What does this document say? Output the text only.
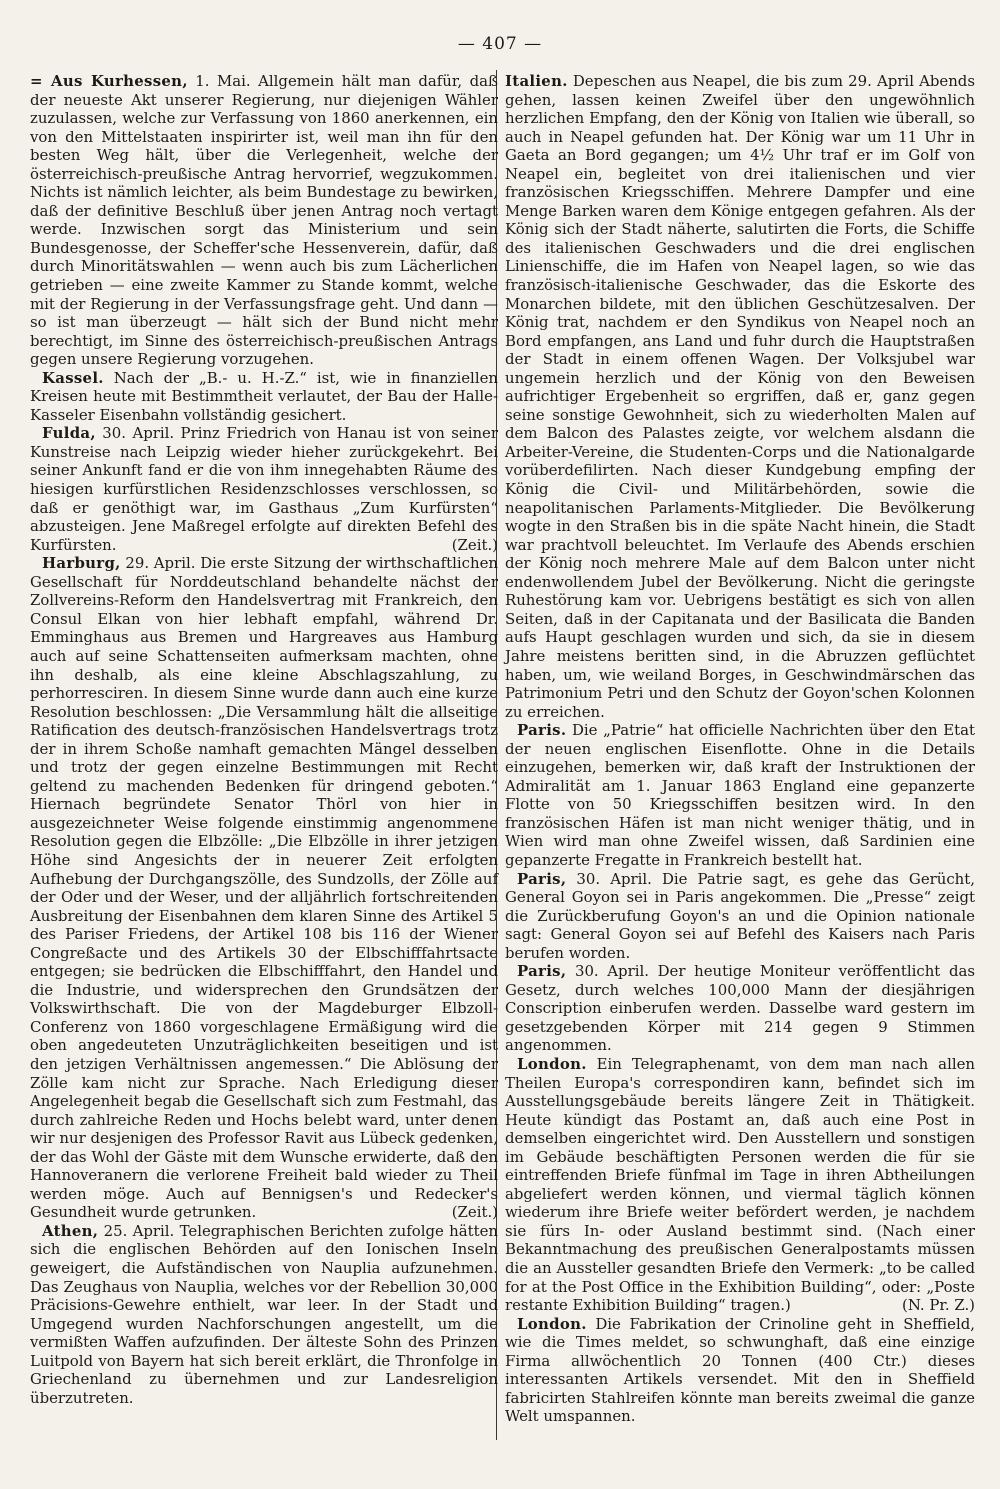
— 407 —

= Aus Kurhessen, 1. Mai. Allgemein hält man dafür, daß der neueste Akt unserer Regierung, nur diejenigen Wähler zuzulassen, welche zur Verfassung von 1860 anerkennen, ein von den Mittelstaaten inspirirter ist, weil man ihn für den besten Weg hält, über die Verlegenheit, welche der österreichisch-preußische Antrag hervorrief, wegzukommen. Nichts ist nämlich leichter, als beim Bundestage zu bewirken, daß der definitive Beschluß über jenen Antrag noch vertagt werde. Inzwischen sorgt das Ministerium und sein Bundesgenosse, der Scheffer'sche Hessenverein, dafür, daß durch Minoritätswahlen — wenn auch bis zum Lächerlichen getrieben — eine zweite Kammer zu Stande kommt, welche mit der Regierung in der Verfassungsfrage geht. Und dann — so ist man überzeugt — hält sich der Bund nicht mehr berechtigt, im Sinne des österreichisch-preußischen Antrags gegen unsere Regierung vorzugehen.

Kassel. Nach der „B.- u. H.-Z.“ ist, wie in finanziellen Kreisen heute mit Bestimmtheit verlautet, der Bau der Halle-Kasseler Eisenbahn vollständig gesichert.

Fulda, 30. April. Prinz Friedrich von Hanau ist von seiner Kunstreise nach Leipzig wieder hieher zurückgekehrt. Bei seiner Ankunft fand er die von ihm innegehabten Räume des hiesigen kurfürstlichen Residenzschlosses verschlossen, so daß er genöthigt war, im Gasthaus „Zum Kurfürsten“ abzusteigen. Jene Maßregel erfolgte auf direkten Befehl des Kurfürsten.	(Zeit.)

Harburg, 29. April. Die erste Sitzung der wirthschaftlichen Gesellschaft für Norddeutschland behandelte nächst der Zollvereins-Reform den Handelsvertrag mit Frankreich, den Consul Elkan von hier lebhaft empfahl, während Dr. Emminghaus aus Bremen und Hargreaves aus Hamburg auch auf seine Schattenseiten aufmerksam machten, ohne ihn deshalb, als eine kleine Abschlagszahlung, zu perhorresciren. In diesem Sinne wurde dann auch eine kurze Resolution beschlossen: „Die Versammlung hält die allseitige Ratification des deutsch-französischen Handelsvertrags trotz der in ihrem Schoße namhaft gemachten Mängel desselben und trotz der gegen einzelne Bestimmungen mit Recht geltend zu machenden Bedenken für dringend geboten.“ Hiernach begründete Senator Thörl von hier in ausgezeichneter Weise folgende einstimmig angenommene Resolution gegen die Elbzölle: „Die Elbzölle in ihrer jetzigen Höhe sind Angesichts der in neuerer Zeit erfolgten Aufhebung der Durchgangszölle, des Sundzolls, der Zölle auf der Oder und der Weser, und der alljährlich fortschreitenden Ausbreitung der Eisenbahnen dem klaren Sinne des Artikel 5 des Pariser Friedens, der Artikel 108 bis 116 der Wiener Congreßacte und des Artikels 30 der Elbschifffahrtsacte entgegen; sie bedrücken die Elbschifffahrt, den Handel und die Industrie, und widersprechen den Grundsätzen der Volkswirthschaft. Die von der Magdeburger Elbzoll-Conferenz von 1860 vorgeschlagene Ermäßigung wird die oben angedeuteten Unzuträglichkeiten beseitigen und ist den jetzigen Verhältnissen angemessen.“ Die Ablösung der Zölle kam nicht zur Sprache. Nach Erledigung dieser Angelegenheit begab die Gesellschaft sich zum Festmahl, das durch zahlreiche Reden und Hochs belebt ward, unter denen wir nur desjenigen des Professor Ravit aus Lübeck gedenken, der das Wohl der Gäste mit dem Wunsche erwiderte, daß den Hannoveranern die verlorene Freiheit bald wieder zu Theil werden möge. Auch auf Bennigsen's und Redecker's Gesundheit wurde getrunken.	(Zeit.)

Athen, 25. April. Telegraphischen Berichten zufolge hätten sich die englischen Behörden auf den Ionischen Inseln geweigert, die Aufständischen von Nauplia aufzunehmen. Das Zeughaus von Nauplia, welches vor der Rebellion 30,000 Präcisions-Gewehre enthielt, war leer. In der Stadt und Umgegend wurden Nachforschungen angestellt, um die vermißten Waffen aufzufinden. Der älteste Sohn des Prinzen Luitpold von Bayern hat sich bereit erklärt, die Thronfolge in Griechenland zu übernehmen und zur Landesreligion überzutreten.

Italien. Depeschen aus Neapel, die bis zum 29. April Abends gehen, lassen keinen Zweifel über den ungewöhnlich herzlichen Empfang, den der König von Italien wie überall, so auch in Neapel gefunden hat. Der König war um 11 Uhr in Gaeta an Bord gegangen; um 4½ Uhr traf er im Golf von Neapel ein, begleitet von drei italienischen und vier französischen Kriegsschiffen. Mehrere Dampfer und eine Menge Barken waren dem Könige entgegen gefahren. Als der König sich der Stadt näherte, salutirten die Forts, die Schiffe des italienischen Geschwaders und die drei englischen Linienschiffe, die im Hafen von Neapel lagen, so wie das französisch-italienische Geschwader, das die Eskorte des Monarchen bildete, mit den üblichen Geschützesalven. Der König trat, nachdem er den Syndikus von Neapel noch an Bord empfangen, ans Land und fuhr durch die Hauptstraßen der Stadt in einem offenen Wagen. Der Volksjubel war ungemein herzlich und der König von den Beweisen aufrichtiger Ergebenheit so ergriffen, daß er, ganz gegen seine sonstige Gewohnheit, sich zu wiederholten Malen auf dem Balcon des Palastes zeigte, vor welchem alsdann die Arbeiter-Vereine, die Studenten-Corps und die Nationalgarde vorüberdefilirten. Nach dieser Kundgebung empfing der König die Civil- und Militärbehörden, sowie die neapolitanischen Parlaments-Mitglieder. Die Bevölkerung wogte in den Straßen bis in die späte Nacht hinein, die Stadt war prachtvoll beleuchtet. Im Verlaufe des Abends erschien der König noch mehrere Male auf dem Balcon unter nicht endenwollendem Jubel der Bevölkerung. Nicht die geringste Ruhestörung kam vor. Uebrigens bestätigt es sich von allen Seiten, daß in der Capitanata und der Basilicata die Banden aufs Haupt geschlagen wurden und sich, da sie in diesem Jahre meistens beritten sind, in die Abruzzen geflüchtet haben, um, wie weiland Borges, in Geschwindmärschen das Patrimonium Petri und den Schutz der Goyon'schen Kolonnen zu erreichen.

Paris. Die „Patrie“ hat officielle Nachrichten über den Etat der neuen englischen Eisenflotte. Ohne in die Details einzugehen, bemerken wir, daß kraft der Instruktionen der Admiralität am 1. Januar 1863 England eine gepanzerte Flotte von 50 Kriegsschiffen besitzen wird. In den französischen Häfen ist man nicht weniger thätig, und in Wien wird man ohne Zweifel wissen, daß Sardinien eine gepanzerte Fregatte in Frankreich bestellt hat.

Paris, 30. April. Die Patrie sagt, es gehe das Gerücht, General Goyon sei in Paris angekommen. Die „Presse“ zeigt die Zurückberufung Goyon's an und die Opinion nationale sagt: General Goyon sei auf Befehl des Kaisers nach Paris berufen worden.

Paris, 30. April. Der heutige Moniteur veröffentlicht das Gesetz, durch welches 100,000 Mann der diesjährigen Conscription einberufen werden. Dasselbe ward gestern im gesetzgebenden Körper mit 214 gegen 9 Stimmen angenommen.

London. Ein Telegraphenamt, von dem man nach allen Theilen Europa's correspondiren kann, befindet sich im Ausstellungsgebäude bereits längere Zeit in Thätigkeit. Heute kündigt das Postamt an, daß auch eine Post in demselben eingerichtet wird. Den Ausstellern und sonstigen im Gebäude beschäftigten Personen werden die für sie eintreffenden Briefe fünfmal im Tage in ihren Abtheilungen abgeliefert werden können, und viermal täglich können wiederum ihre Briefe weiter befördert werden, je nachdem sie fürs In- oder Ausland bestimmt sind. (Nach einer Bekanntmachung des preußischen Generalpostamts müssen die an Aussteller gesandten Briefe den Vermerk: „to be called for at the Post Office in the Exhibition Building“, oder: „Poste restante Exhibition Building“ tragen.)	(N. Pr. Z.)

London. Die Fabrikation der Crinoline geht in Sheffield, wie die Times meldet, so schwunghaft, daß eine einzige Firma allwöchentlich 20 Tonnen (400 Ctr.) dieses interessanten Artikels versendet. Mit den in Sheffield fabricirten Stahlreifen könnte man bereits zweimal die ganze Welt umspannen.
